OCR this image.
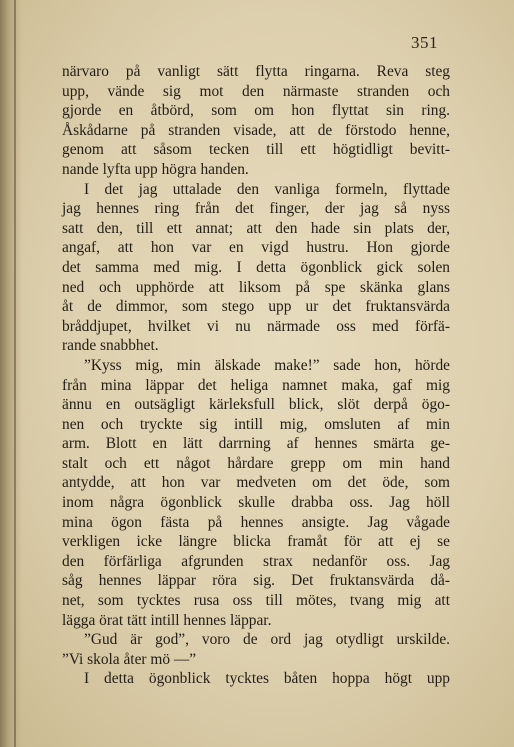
351
närvaro på vanligt sätt flytta ringarna. Reva steg
upp, vände sig mot den närmaste stranden och
gjorde en åtbörd, som om hon flyttat sin ring.
Åskådarne på stranden visade, att de förstodo henne,
genom att såsom tecken till ett högtidligt bevitt-
nande lyfta upp högra handen.
I det jag uttalade den vanliga formeln, flyttade
jag hennes ring från det finger, der jag så nyss
satt den, till ett annat; att den hade sin plats der,
angaf, att hon var en vigd hustru. Hon gjorde
det samma med mig. I detta ögonblick gick solen
ned och upphörde att liksom på spe skänka glans
åt de dimmor, som stego upp ur det fruktansvärda
bråddjupet, hvilket vi nu närmade oss med förfä-
rande snabbhet.
”Kyss mig, min älskade make!” sade hon, hörde
från mina läppar det heliga namnet maka, gaf mig
ännu en outsägligt kärleksfull blick, slöt derpå ögo-
nen och tryckte sig intill mig, omsluten af min
arm. Blott en lätt darrning af hennes smärta ge-
stalt och ett något hårdare grepp om min hand
antydde, att hon var medveten om det öde, som
inom några ögonblick skulle drabba oss. Jag höll
mina ögon fästa på hennes ansigte. Jag vågade
verkligen icke längre blicka framåt för att ej se
den förfärliga afgrunden strax nedanför oss. Jag
såg hennes läppar röra sig. Det fruktansvärda då-
net, som tycktes rusa oss till mötes, tvang mig att
lägga örat tätt intill hennes läppar.
”Gud är god”, voro de ord jag otydligt urskilde.
”Vi skola åter mö —”
I detta ögonblick tycktes båten hoppa högt upp
